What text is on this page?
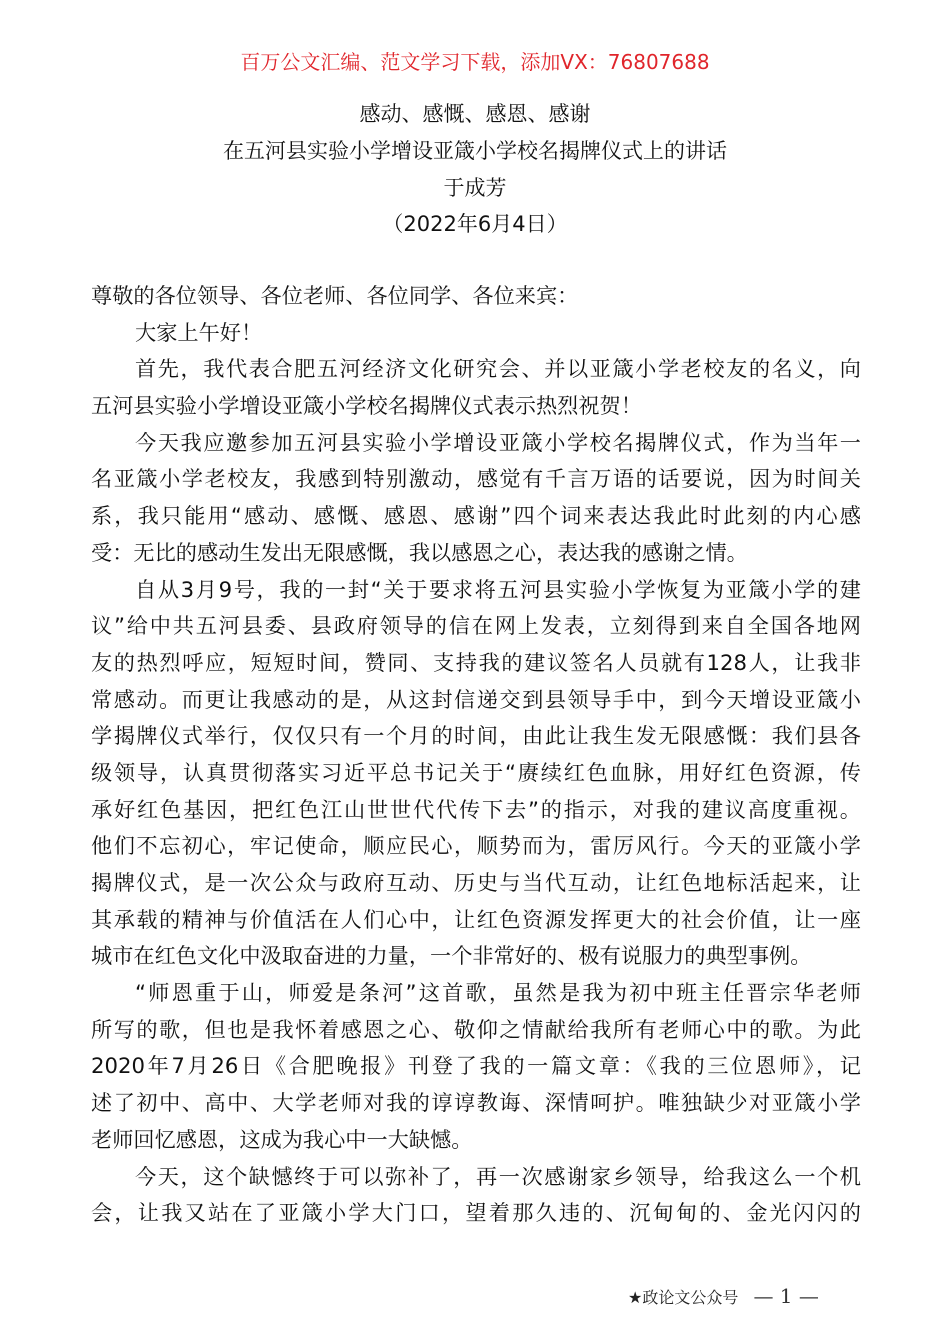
百万公文汇编、范文学习下载，添加VX：76807688
感动、感慨、感恩、感谢
在五河县实验小学增设亚箴小学校名揭牌仪式上的讲话
于成芳
（2022年6月4日）
尊敬的各位领导、各位老师、各位同学、各位来宾：
大家上午好！
首先，我代表合肥五河经济文化研究会、并以亚箴小学老校友的名义，向
五河县实验小学增设亚箴小学校名揭牌仪式表示热烈祝贺！
今天我应邀参加五河县实验小学增设亚箴小学校名揭牌仪式，作为当年一
名亚箴小学老校友，我感到特别激动，感觉有千言万语的话要说，因为时间关
系，我只能用“感动、感慨、感恩、感谢”四个词来表达我此时此刻的内心感
受：无比的感动生发出无限感慨，我以感恩之心，表达我的感谢之情。
自从3月9号，我的一封“关于要求将五河县实验小学恢复为亚箴小学的建
议”给中共五河县委、县政府领导的信在网上发表，立刻得到来自全国各地网
友的热烈呼应，短短时间，赞同、支持我的建议签名人员就有128人，让我非
常感动。而更让我感动的是，从这封信递交到县领导手中，到今天增设亚箴小
学揭牌仪式举行，仅仅只有一个月的时间，由此让我生发无限感慨：我们县各
级领导，认真贯彻落实习近平总书记关于“赓续红色血脉，用好红色资源，传
承好红色基因，把红色江山世世代代传下去”的指示，对我的建议高度重视。
他们不忘初心，牢记使命，顺应民心，顺势而为，雷厉风行。今天的亚箴小学
揭牌仪式，是一次公众与政府互动、历史与当代互动，让红色地标活起来，让
其承载的精神与价值活在人们心中，让红色资源发挥更大的社会价值，让一座
城市在红色文化中汲取奋进的力量，一个非常好的、极有说服力的典型事例。
“师恩重于山，师爱是条河”这首歌，虽然是我为初中班主任晋宗华老师
所写的歌，但也是我怀着感恩之心、敬仰之情献给我所有老师心中的歌。为此
2020年7月26日《合肥晚报》刊登了我的一篇文章：《我的三位恩师》，记
述了初中、高中、大学老师对我的谆谆教诲、深情呵护。唯独缺少对亚箴小学
老师回忆感恩，这成为我心中一大缺憾。
今天，这个缺憾终于可以弥补了，再一次感谢家乡领导，给我这么一个机
会，让我又站在了亚箴小学大门口，望着那久违的、沉甸甸的、金光闪闪的
★政论文公众号 — 1 —
